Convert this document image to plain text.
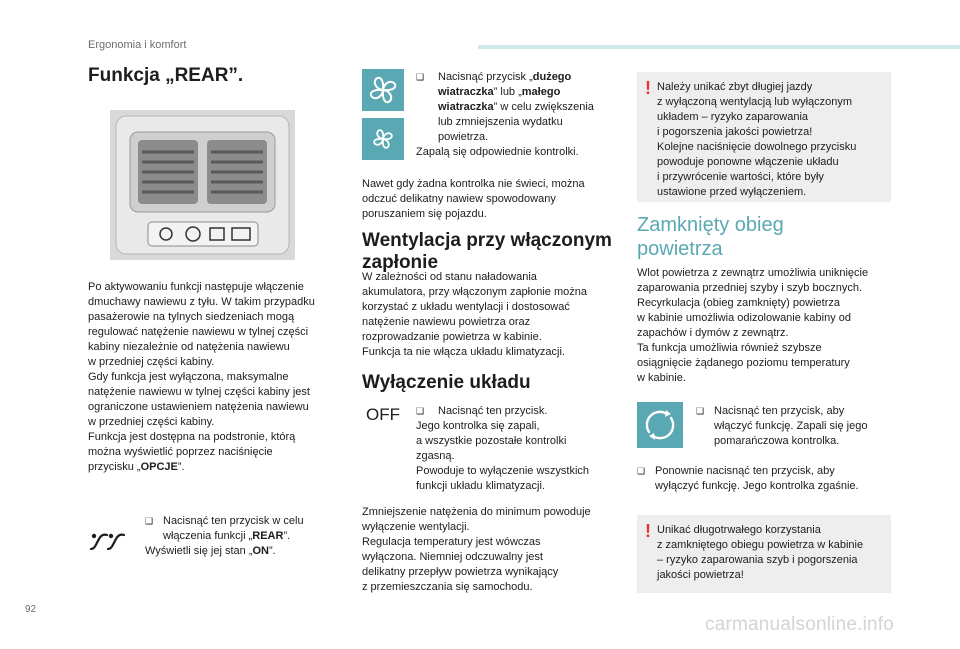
Ergonomia i komfort
92
carmanualsonline.info
Funkcja „REAR”.
Po aktywowaniu funkcji następuje włączenie
dmuchawy nawiewu z tyłu. W takim przypadku
pasażerowie na tylnych siedzeniach mogą
regulować natężenie nawiewu w tylnej części
kabiny niezależnie od natężenia nawiewu
w przedniej części kabiny.
Gdy funkcja jest wyłączona, maksymalne
natężenie nawiewu w tylnej części kabiny jest
ograniczone ustawieniem natężenia nawiewu
w przedniej części kabiny.
Funkcja jest dostępna na podstronie, którą
można wyświetlić poprzez naciśnięcie
przycisku „OPCJE”.
❑ Nacisnąć ten przycisk w celu
włączenia funkcji „REAR”.
Wyświetli się jej stan „ON”.
❑ Nacisnąć przycisk „dużego
wiatraczka” lub „małego
wiatraczka” w celu zwiększenia
lub zmniejszenia wydatku
powietrza.
Zapalą się odpowiednie kontrolki.
Nawet gdy żadna kontrolka nie świeci, można
odczuć delikatny nawiew spowodowany
poruszaniem się pojazdu.
Wentylacja przy włączonym
zapłonie
W zależności od stanu naładowania
akumulatora, przy włączonym zapłonie można
korzystać z układu wentylacji i dostosować
natężenie nawiewu powietrza oraz
rozprowadzanie powietrza w kabinie.
Funkcja ta nie włącza układu klimatyzacji.
Wyłączenie układu
OFF ❑ Nacisnąć ten przycisk.
Jego kontrolka się zapali,
a wszystkie pozostałe kontrolki
zgasną.
Powoduje to wyłączenie wszystkich
funkcji układu klimatyzacji.
Zmniejszenie natężenia do minimum powoduje
wyłączenie wentylacji.
Regulacja temperatury jest wówczas
wyłączona. Niemniej odczuwalny jest
delikatny przepływ powietrza wynikający
z przemieszczania się samochodu.
! Należy unikać zbyt długiej jazdy
z wyłączoną wentylacją lub wyłączonym
układem – ryzyko zaparowania
i pogorszenia jakości powietrza!
Kolejne naciśnięcie dowolnego przycisku
powoduje ponowne włączenie układu
i przywrócenie wartości, które były
ustawione przed wyłączeniem.
Zamknięty obieg
powietrza
Wlot powietrza z zewnątrz umożliwia uniknięcie
zaparowania przedniej szyby i szyb bocznych.
Recyrkulacja (obieg zamknięty) powietrza
w kabinie umożliwia odizolowanie kabiny od
zapachów i dymów z zewnątrz.
Ta funkcja umożliwia również szybsze
osiągnięcie żądanego poziomu temperatury
w kabinie.
❑ Nacisnąć ten przycisk, aby
włączyć funkcję. Zapali się jego
pomarańczowa kontrolka.
❑ Ponownie nacisnąć ten przycisk, aby
wyłączyć funkcję. Jego kontrolka zgaśnie.
! Unikać długotrwałego korzystania
z zamkniętego obiegu powietrza w kabinie
– ryzyko zaparowania szyb i pogorszenia
jakości powietrza!
